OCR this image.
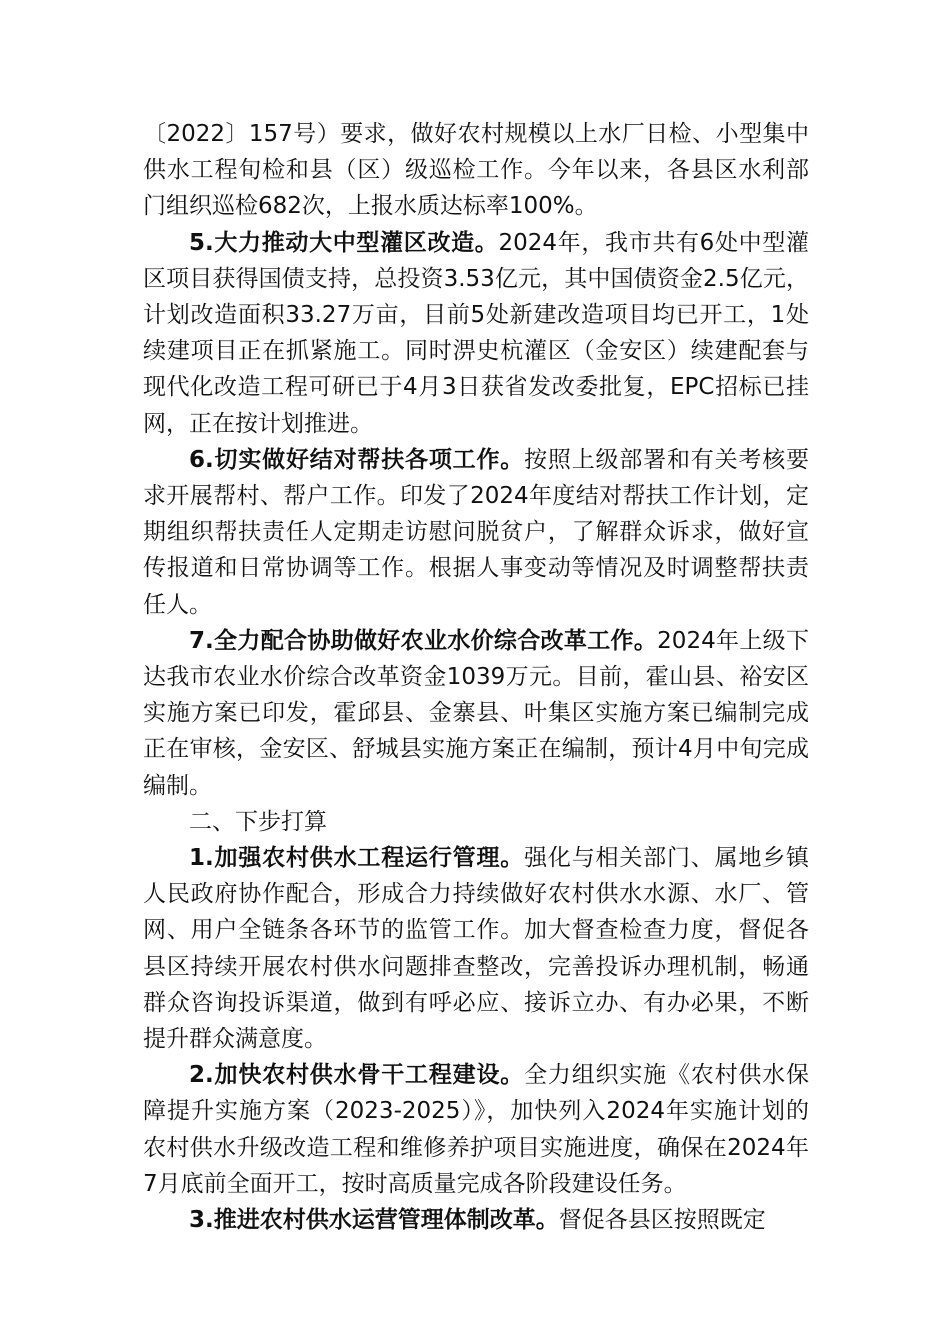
〔2022〕157号）要求，做好农村规模以上水厂日检、小型集中供水工程旬检和县（区）级巡检工作。今年以来，各县区水利部门组织巡检682次，上报水质达标率100%。

5.大力推动大中型灌区改造。2024年，我市共有6处中型灌区项目获得国债支持，总投资3.53亿元，其中国债资金2.5亿元，计划改造面积33.27万亩，目前5处新建改造项目均已开工，1处续建项目正在抓紧施工。同时淠史杭灌区（金安区）续建配套与现代化改造工程可研已于4月3日获省发改委批复，EPC招标已挂网，正在按计划推进。

6.切实做好结对帮扶各项工作。按照上级部署和有关考核要求开展帮村、帮户工作。印发了2024年度结对帮扶工作计划，定期组织帮扶责任人定期走访慰问脱贫户，了解群众诉求，做好宣传报道和日常协调等工作。根据人事变动等情况及时调整帮扶责任人。

7.全力配合协助做好农业水价综合改革工作。2024年上级下达我市农业水价综合改革资金1039万元。目前，霍山县、裕安区实施方案已印发，霍邱县、金寨县、叶集区实施方案已编制完成正在审核，金安区、舒城县实施方案正在编制，预计4月中旬完成编制。

二、下步打算

1.加强农村供水工程运行管理。强化与相关部门、属地乡镇人民政府协作配合，形成合力持续做好农村供水水源、水厂、管网、用户全链条各环节的监管工作。加大督查检查力度，督促各县区持续开展农村供水问题排查整改，完善投诉办理机制，畅通群众咨询投诉渠道，做到有呼必应、接诉立办、有办必果，不断提升群众满意度。

2.加快农村供水骨干工程建设。全力组织实施《农村供水保障提升实施方案（2023-2025）》，加快列入2024年实施计划的农村供水升级改造工程和维修养护项目实施进度，确保在2024年7月底前全面开工，按时高质量完成各阶段建设任务。

3.推进农村供水运营管理体制改革。督促各县区按照既定
